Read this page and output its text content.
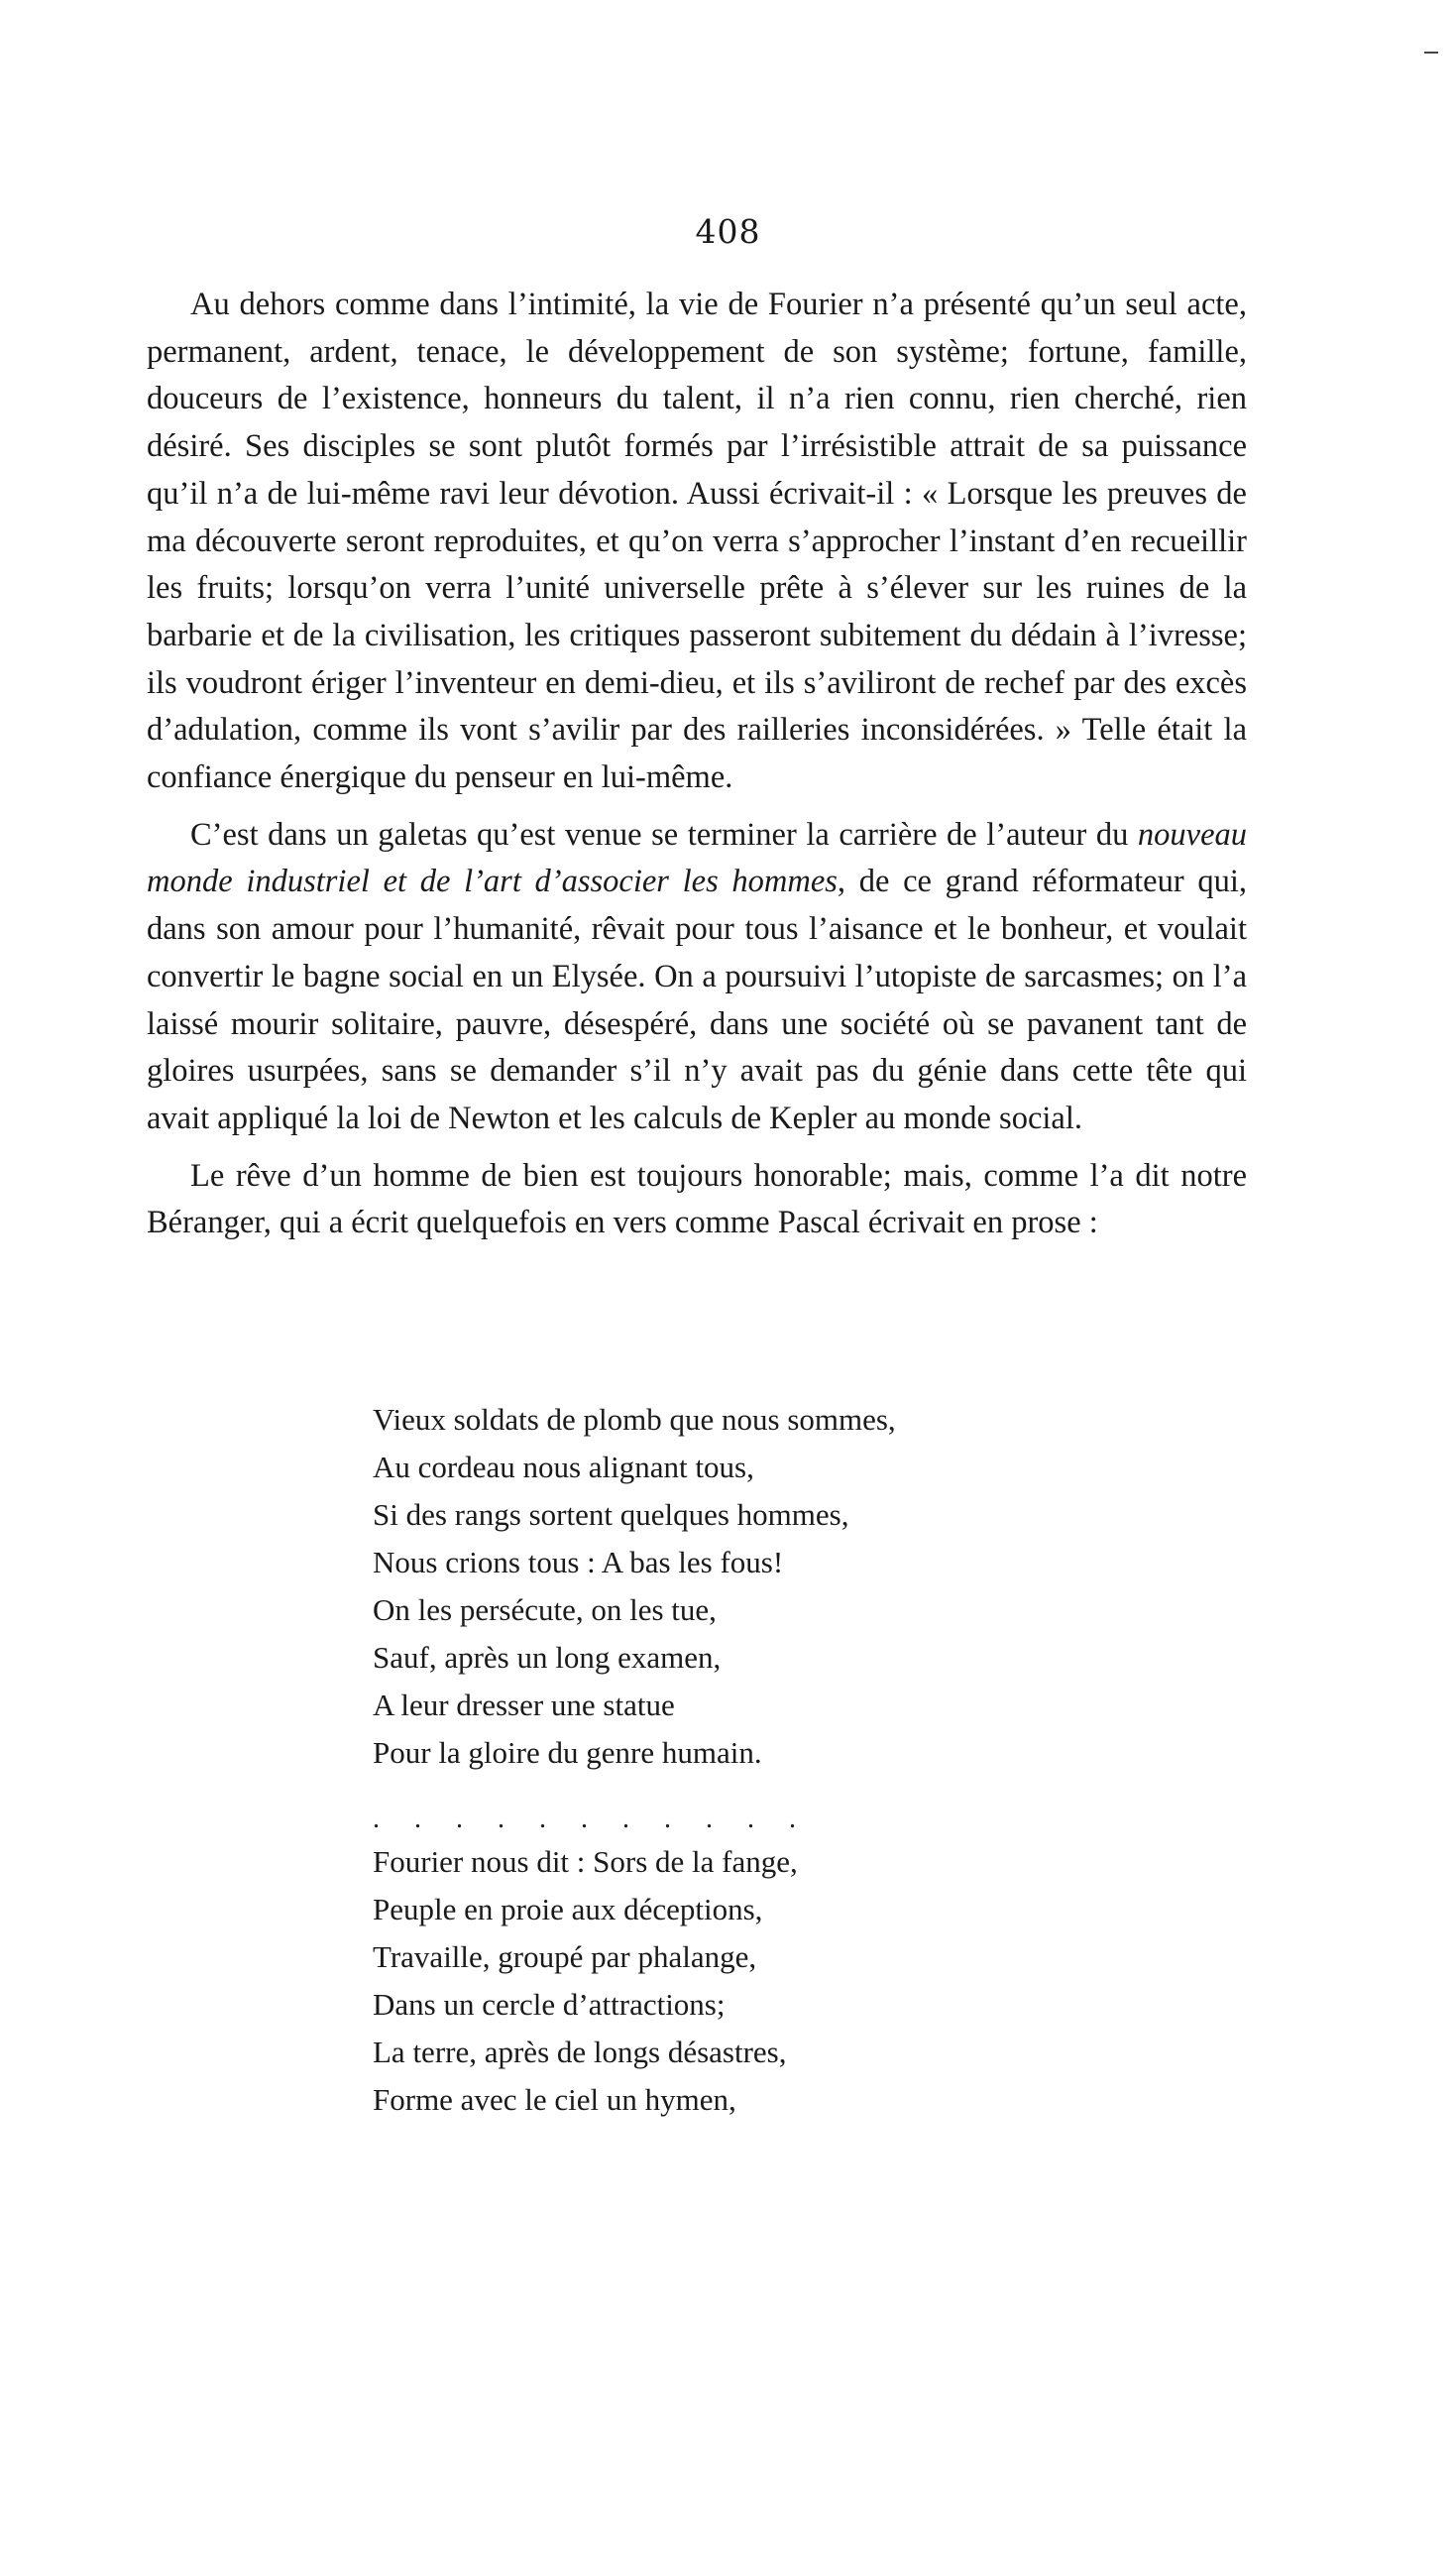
408

Au dehors comme dans l’intimité, la vie de Fourier n’a présenté qu’un seul acte, permanent, ardent, tenace, le développement de son système; fortune, famille, douceurs de l’existence, honneurs du talent, il n’a rien connu, rien cherché, rien désiré. Ses disciples se sont plutôt formés par l’irrésistible attrait de sa puissance qu’il n’a de lui-même ravi leur dévotion. Aussi écrivait-il : « Lorsque les preuves de ma découverte seront reproduites, et qu’on verra s’approcher l’instant d’en recueillir les fruits; lorsqu’on verra l’unité universelle prête à s’élever sur les ruines de la barbarie et de la civilisation, les critiques passeront subitement du dédain à l’ivresse; ils voudront ériger l’inventeur en demi-dieu, et ils s’aviliront de rechef par des excès d’adulation, comme ils vont s’avilir par des railleries inconsidérées. » Telle était la confiance énergique du penseur en lui-même.

C’est dans un galetas qu’est venue se terminer la carrière de l’auteur du nouveau monde industriel et de l’art d’associer les hommes, de ce grand réformateur qui, dans son amour pour l’humanité, rêvait pour tous l’aisance et le bonheur, et voulait convertir le bagne social en un Elysée. On a poursuivi l’utopiste de sarcasmes; on l’a laissé mourir solitaire, pauvre, désespéré, dans une société où se pavanent tant de gloires usurpées, sans se demander s’il n’y avait pas du génie dans cette tête qui avait appliqué la loi de Newton et les calculs de Kepler au monde social.

Le rêve d’un homme de bien est toujours honorable; mais, comme l’a dit notre Béranger, qui a écrit quelquefois en vers comme Pascal écrivait en prose :

Vieux soldats de plomb que nous sommes,
Au cordeau nous alignant tous,
Si des rangs sortent quelques hommes,
Nous crions tous : A bas les fous!
On les persécute, on les tue,
Sauf, après un long examen,
A leur dresser une statue
Pour la gloire du genre humain.
. . . . . . . . . . .
Fourier nous dit : Sors de la fange,
Peuple en proie aux déceptions,
Travaille, groupé par phalange,
Dans un cercle d’attractions;
La terre, après de longs désastres,
Forme avec le ciel un hymen,
